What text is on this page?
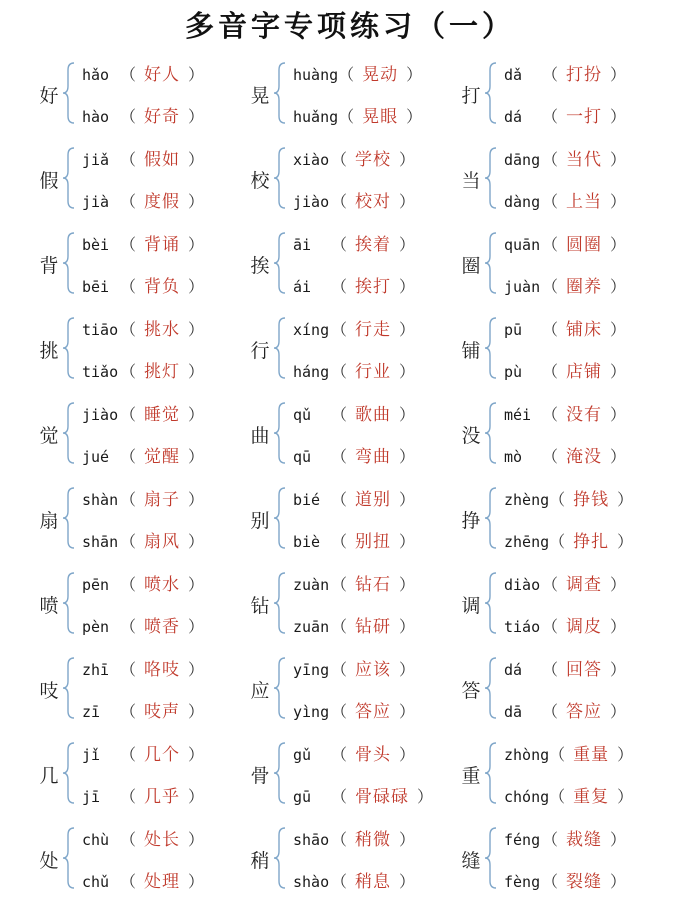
多音字专项练习（一）
好
hǎo （ 好人 ）
hào （ 好奇 ）
晃
huàng（ 晃动 ）
huǎng（ 晃眼 ）
打
dǎ （ 打扮 ）
dá （ 一打 ）
假
jiǎ （ 假如 ）
jià （ 度假 ）
校
xiào （ 学校 ）
jiào （ 校对 ）
当
dāng （ 当代 ）
dàng （ 上当 ）
背
bèi （ 背诵 ）
bēi （ 背负 ）
挨
āi （ 挨着 ）
ái （ 挨打 ）
圈
quān （ 圆圈 ）
juàn （ 圈养 ）
挑
tiāo （ 挑水 ）
tiǎo （ 挑灯 ）
行
xíng （ 行走 ）
háng （ 行业 ）
铺
pū （ 铺床 ）
pù （ 店铺 ）
觉
jiào （ 睡觉 ）
jué （ 觉醒 ）
曲
qǔ （ 歌曲 ）
qū （ 弯曲 ）
没
méi （ 没有 ）
mò （ 淹没 ）
扇
shàn （ 扇子 ）
shān （ 扇风 ）
别
bié （ 道别 ）
biè （ 别扭 ）
挣
zhèng（ 挣钱 ）
zhēng（ 挣扎 ）
喷
pēn （ 喷水 ）
pèn （ 喷香 ）
钻
zuàn （ 钻石 ）
zuān （ 钻研 ）
调
diào （ 调查 ）
tiáo （ 调皮 ）
吱
zhī （ 咯吱 ）
zī （ 吱声 ）
应
yīng （ 应该 ）
yìng （ 答应 ）
答
dá （ 回答 ）
dā （ 答应 ）
几
jǐ （ 几个 ）
jī （ 几乎 ）
骨
gǔ （ 骨头 ）
gū （ 骨碌碌 ）
重
zhòng（ 重量 ）
chóng（ 重复 ）
处
chù （ 处长 ）
chǔ （ 处理 ）
稍
shāo （ 稍微 ）
shào （ 稍息 ）
缝
féng （ 裁缝 ）
fèng （ 裂缝 ）
